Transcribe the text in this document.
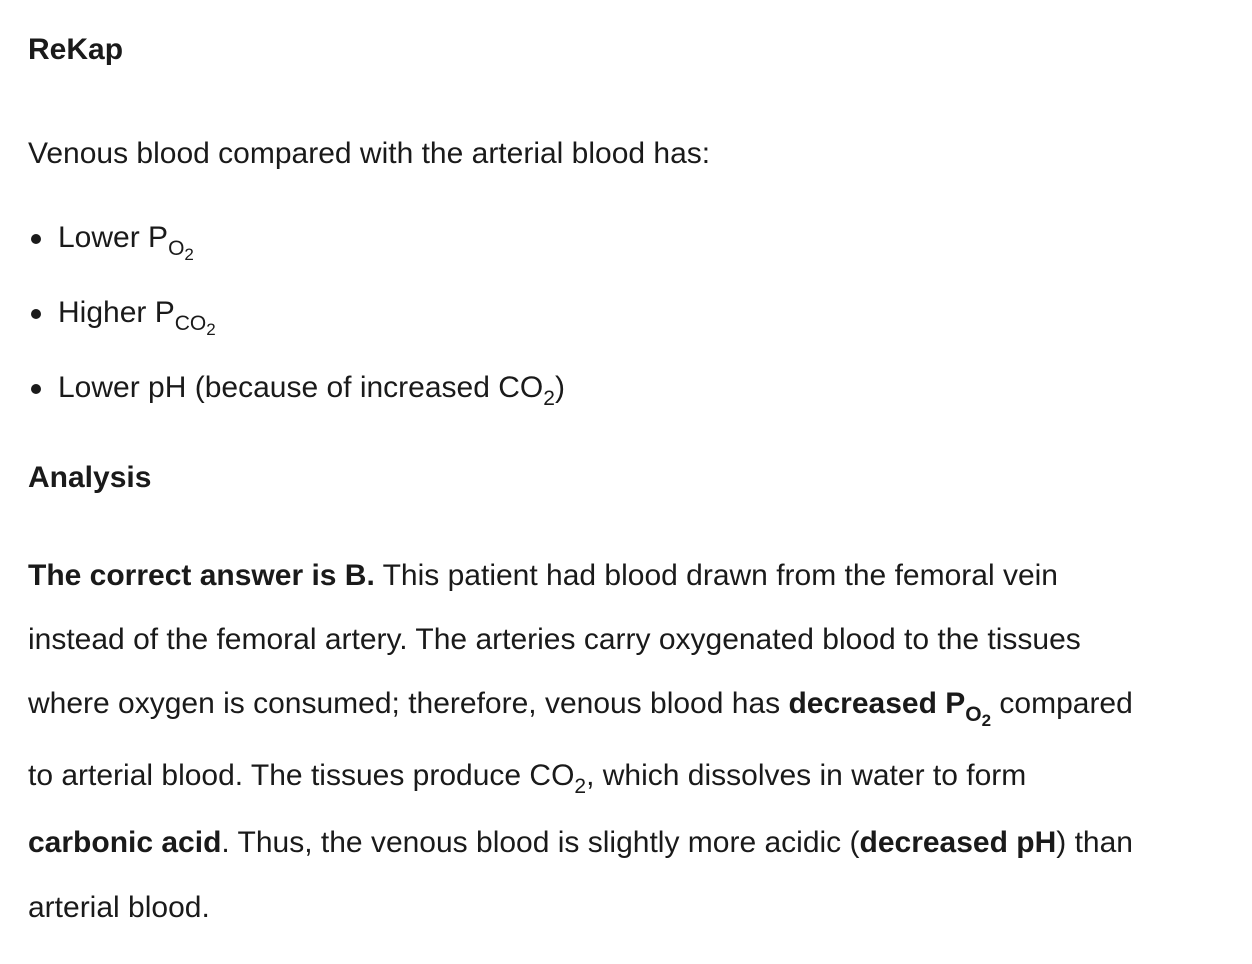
ReKap

Venous blood compared with the arterial blood has:

Lower $P_{O_2}$
Higher $P_{CO_2}$
Lower pH (because of increased $CO_2$)
Analysis

The correct answer is B. This patient had blood drawn from the femoral vein
instead of the femoral artery. The arteries carry oxygenated blood to the tissues
where oxygen is consumed; therefore, venous blood has decreased $P_{O_2}$ compared
to arterial blood. The tissues produce $CO_2$, which dissolves in water to form
carbonic acid. Thus, the venous blood is slightly more acidic (decreased pH) than
arterial blood.
